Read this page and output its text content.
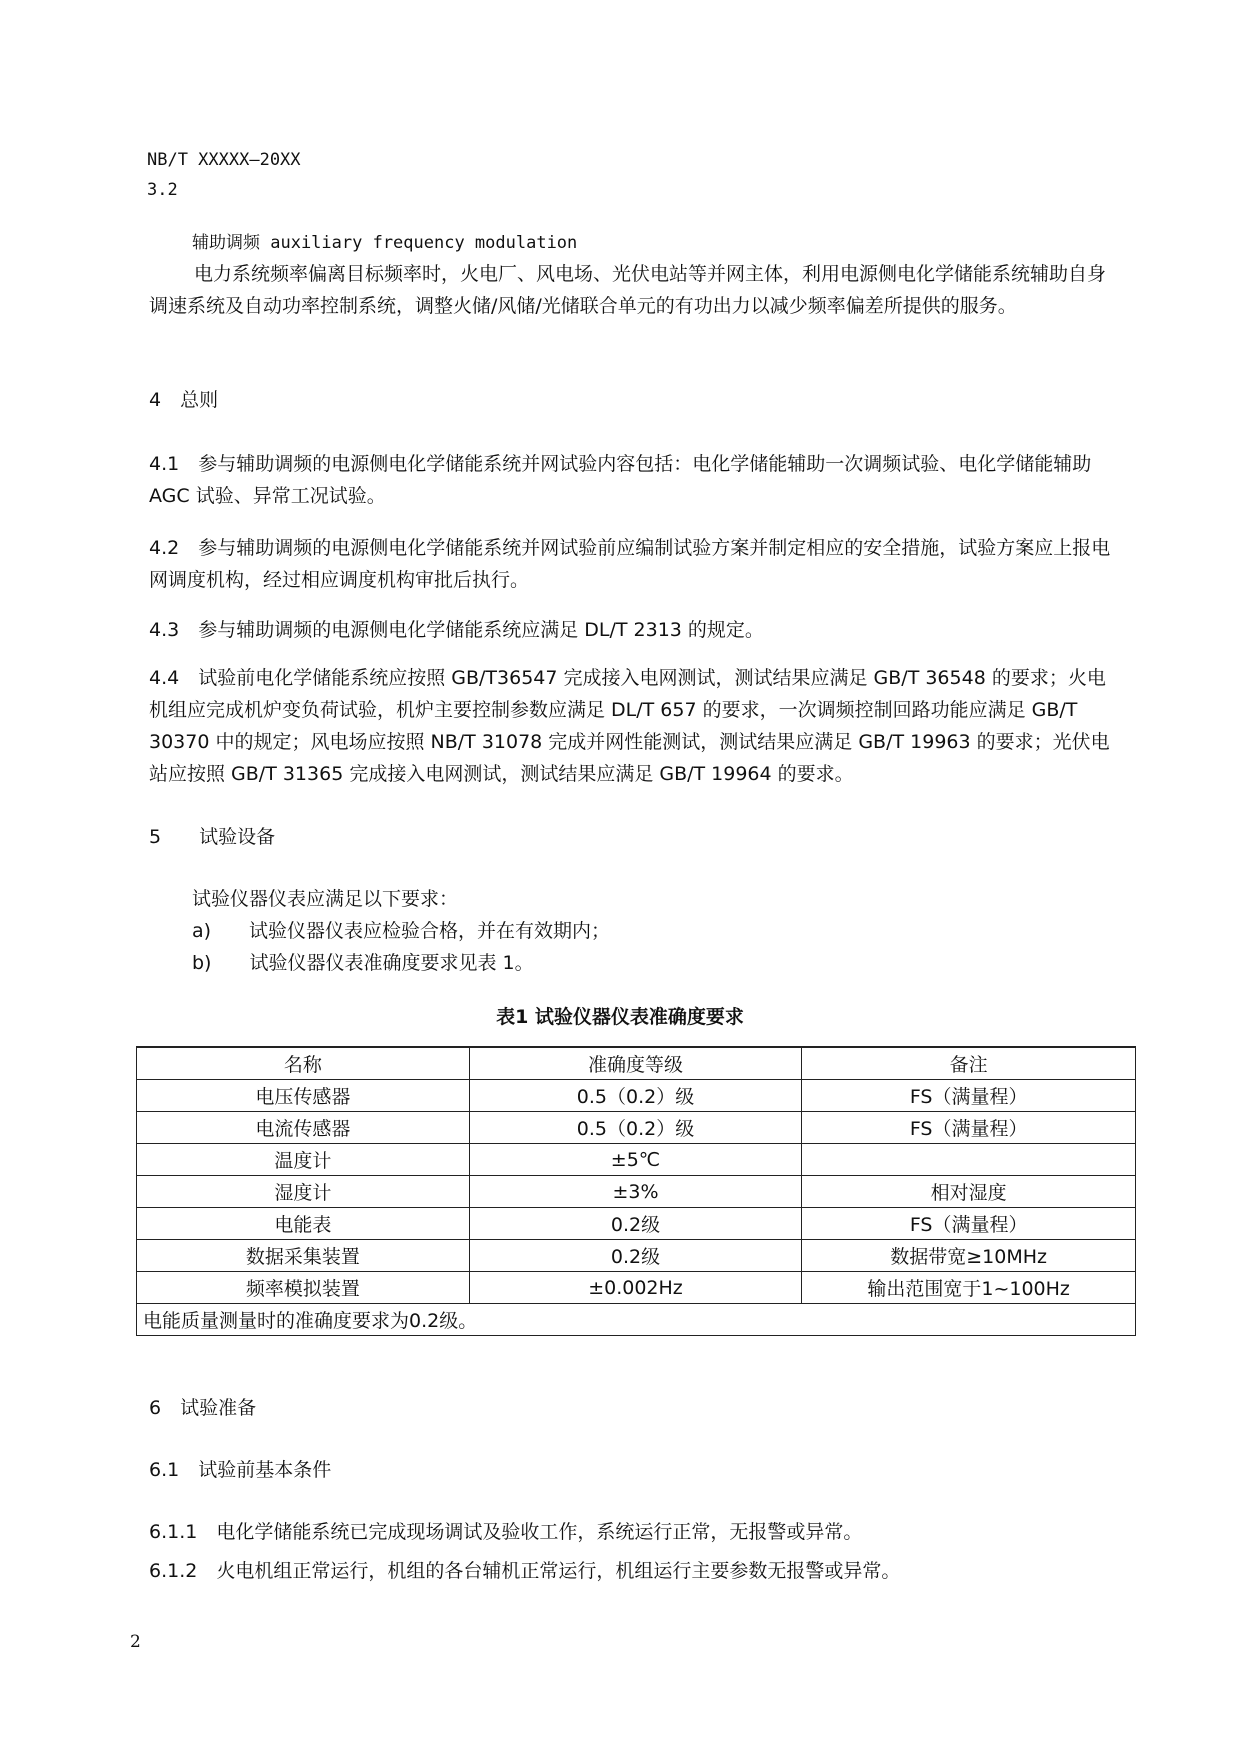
NB/T XXXXX—20XX
3.2
辅助调频 auxiliary frequency modulation
电力系统频率偏离目标频率时，火电厂、风电场、光伏电站等并网主体，利用电源侧电化学储能系统辅助自身调速系统及自动功率控制系统，调整火储/风储/光储联合单元的有功出力以减少频率偏差所提供的服务。
4　总则
4.1　参与辅助调频的电源侧电化学储能系统并网试验内容包括：电化学储能辅助一次调频试验、电化学储能辅助 AGC 试验、异常工况试验。
4.2　参与辅助调频的电源侧电化学储能系统并网试验前应编制试验方案并制定相应的安全措施，试验方案应上报电网调度机构，经过相应调度机构审批后执行。
4.3　参与辅助调频的电源侧电化学储能系统应满足 DL/T 2313 的规定。
4.4　试验前电化学储能系统应按照 GB/T36547 完成接入电网测试，测试结果应满足 GB/T 36548 的要求；火电机组应完成机炉变负荷试验，机炉主要控制参数应满足 DL/T 657 的要求，一次调频控制回路功能应满足 GB/T 30370 中的规定；风电场应按照 NB/T 31078 完成并网性能测试，测试结果应满足 GB/T 19963 的要求；光伏电站应按照 GB/T 31365 完成接入电网测试，测试结果应满足 GB/T 19964 的要求。
5　　试验设备
试验仪器仪表应满足以下要求：
a)　　试验仪器仪表应检验合格，并在有效期内；
b)　　试验仪器仪表准确度要求见表 1。
表1 试验仪器仪表准确度要求
名称	准确度等级	备注
电压传感器	0.5（0.2）级	FS（满量程）
电流传感器	0.5（0.2）级	FS（满量程）
温度计	±5℃	
湿度计	±3%	相对湿度
电能表	0.2级	FS（满量程）
数据采集装置	0.2级	数据带宽≥10MHz
频率模拟装置	±0.002Hz	输出范围宽于1~100Hz
电能质量测量时的准确度要求为0.2级。		
6　试验准备
6.1　试验前基本条件
6.1.1　电化学储能系统已完成现场调试及验收工作，系统运行正常，无报警或异常。
6.1.2　火电机组正常运行，机组的各台辅机正常运行，机组运行主要参数无报警或异常。
2
